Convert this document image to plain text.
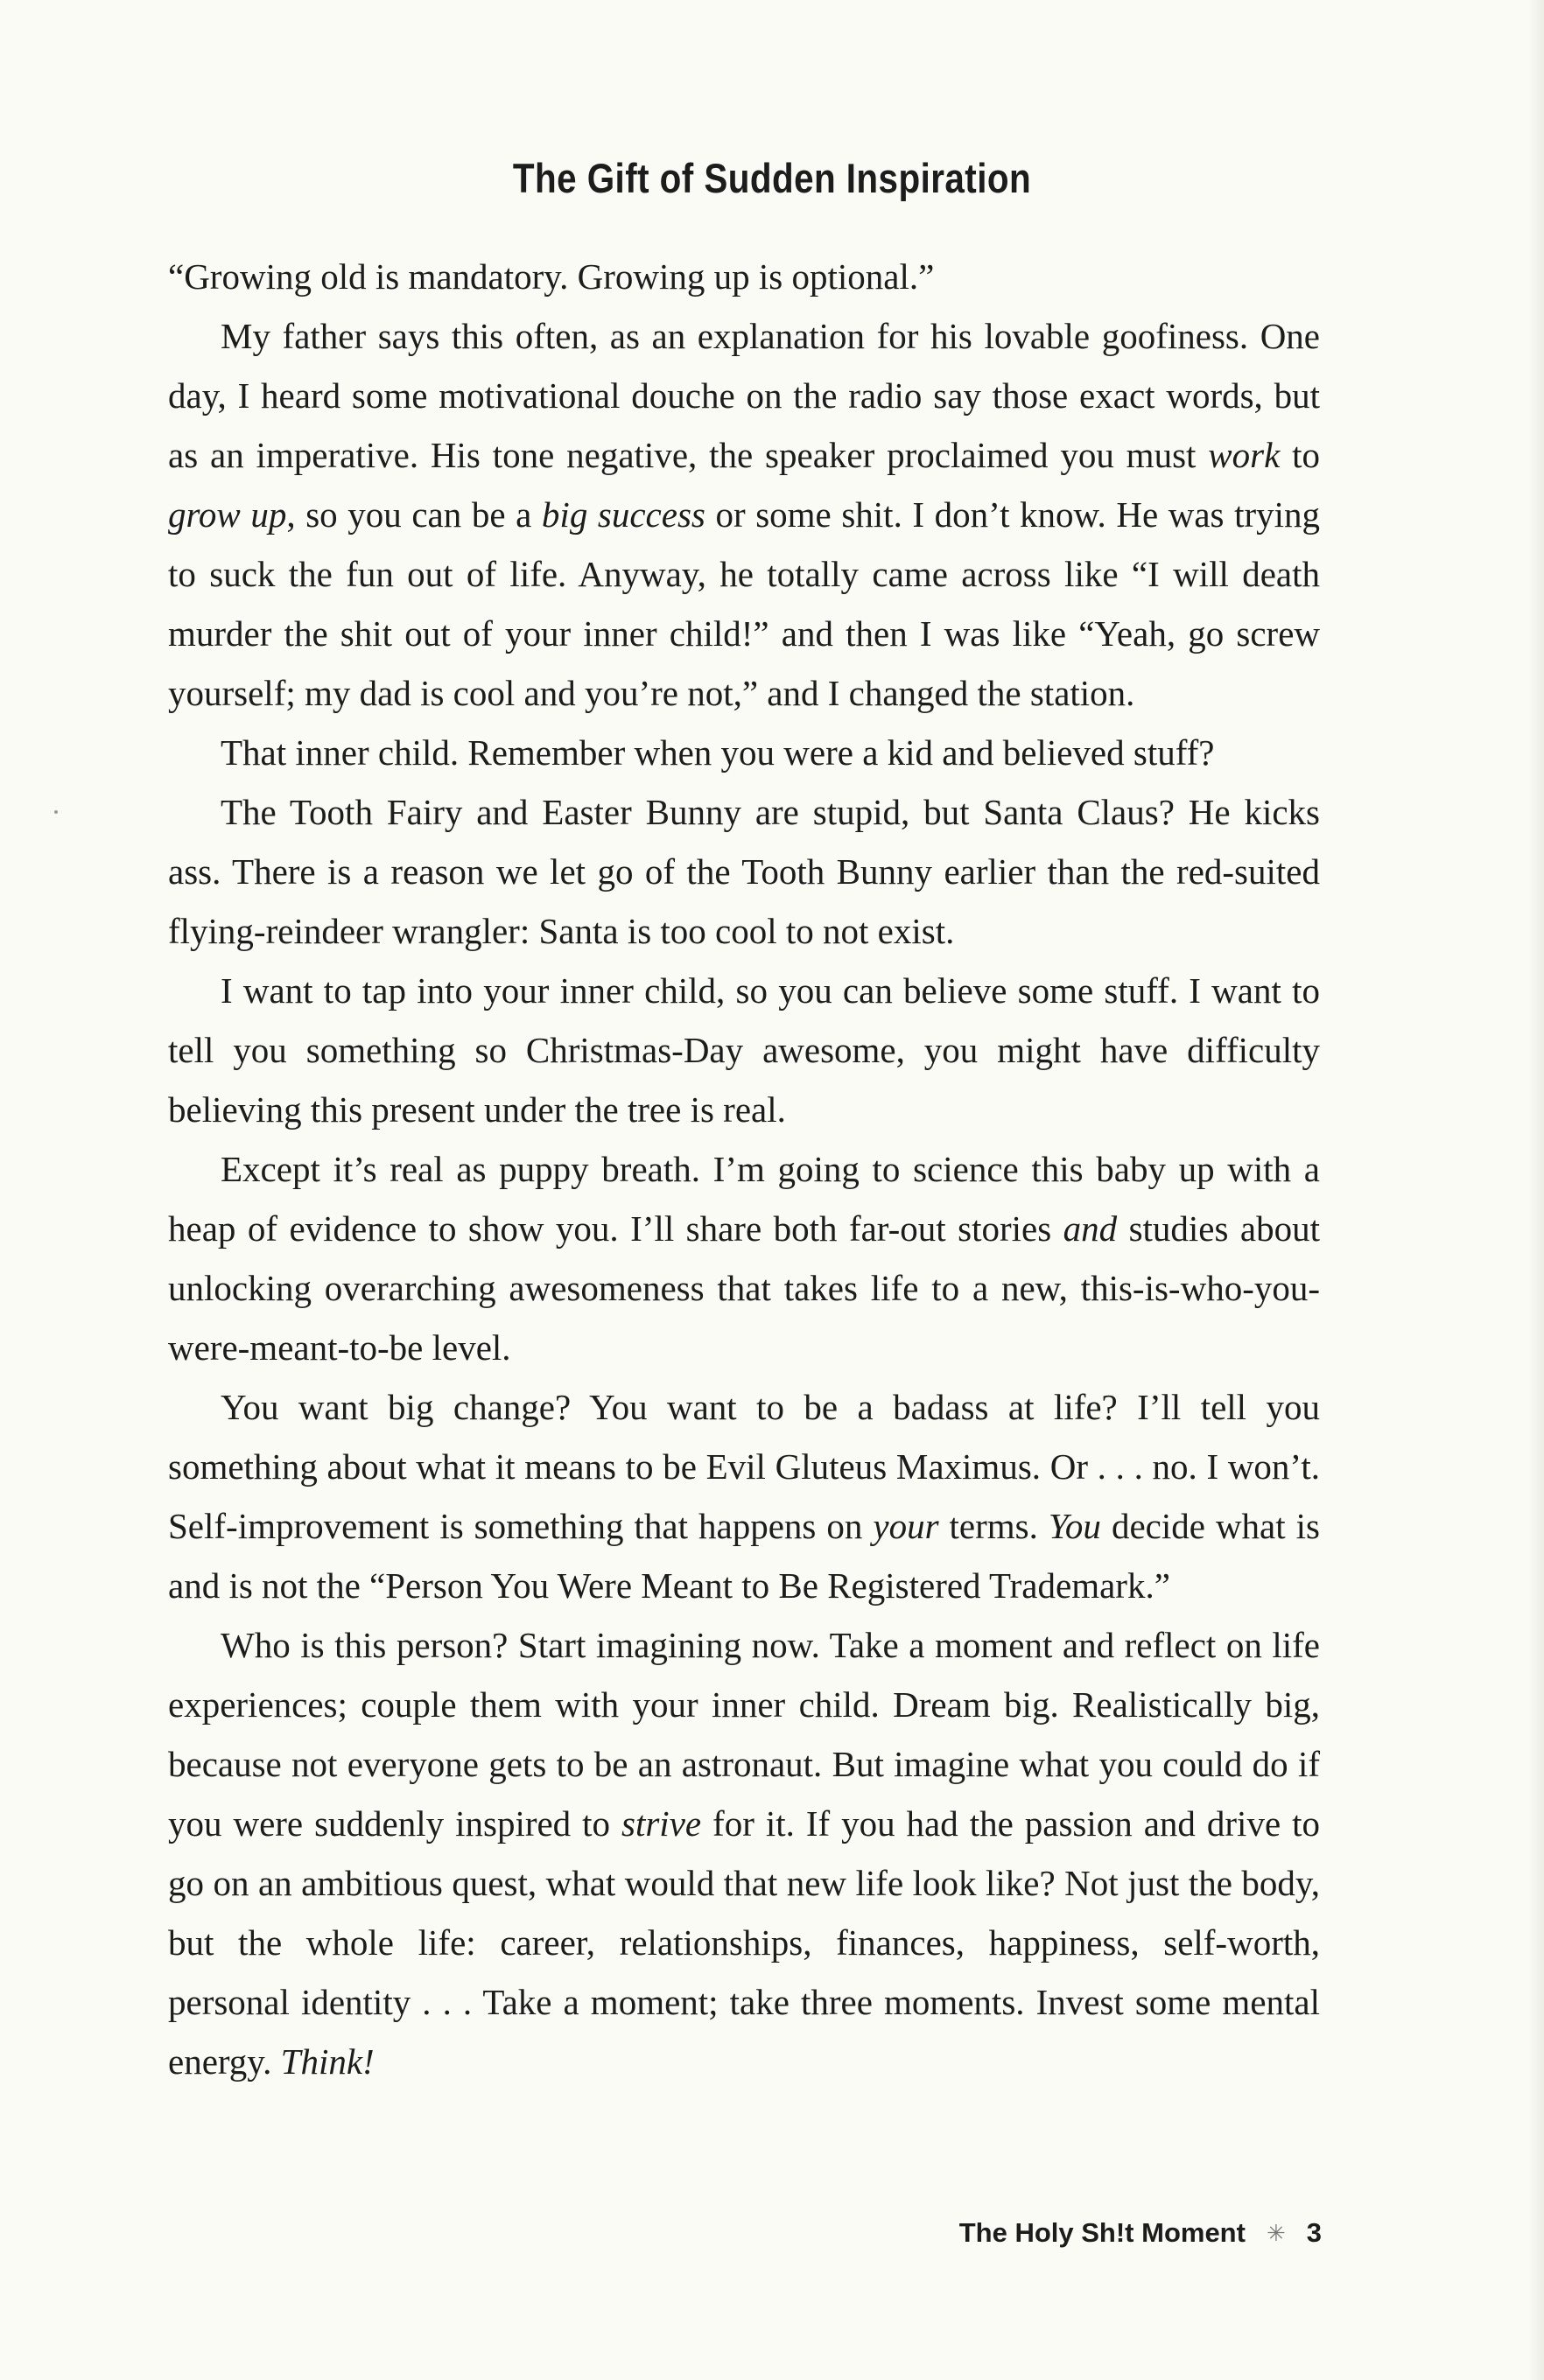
The Gift of Sudden Inspiration

“Growing old is mandatory. Growing up is optional.”

My father says this often, as an explanation for his lovable goofiness. One day, I heard some motivational douche on the radio say those exact words, but as an imperative. His tone negative, the speaker proclaimed you must work to grow up, so you can be a big success or some shit. I don’t know. He was trying to suck the fun out of life. Anyway, he totally came across like “I will death murder the shit out of your inner child!” and then I was like “Yeah, go screw yourself; my dad is cool and you’re not,” and I changed the station.

That inner child. Remember when you were a kid and believed stuff?

The Tooth Fairy and Easter Bunny are stupid, but Santa Claus? He kicks ass. There is a reason we let go of the Tooth Bunny earlier than the red-suited flying-reindeer wrangler: Santa is too cool to not exist.

I want to tap into your inner child, so you can believe some stuff. I want to tell you something so Christmas-Day awesome, you might have difficulty believing this present under the tree is real.

Except it’s real as puppy breath. I’m going to science this baby up with a heap of evidence to show you. I’ll share both far-out stories and studies about unlocking overarching awesomeness that takes life to a new, this-is-who-you-were-meant-to-be level.

You want big change? You want to be a badass at life? I’ll tell you something about what it means to be Evil Gluteus Maximus. Or . . . no. I won’t. Self-improvement is something that happens on your terms. You decide what is and is not the “Person You Were Meant to Be Registered Trademark.”

Who is this person? Start imagining now. Take a moment and reflect on life experiences; couple them with your inner child. Dream big. Realistically big, because not everyone gets to be an astronaut. But imagine what you could do if you were suddenly inspired to strive for it. If you had the passion and drive to go on an ambitious quest, what would that new life look like? Not just the body, but the whole life: career, relationships, finances, happiness, self-worth, personal identity . . . Take a moment; take three moments. Invest some mental energy. Think!

The Holy Sh!t Moment ✳ 3
